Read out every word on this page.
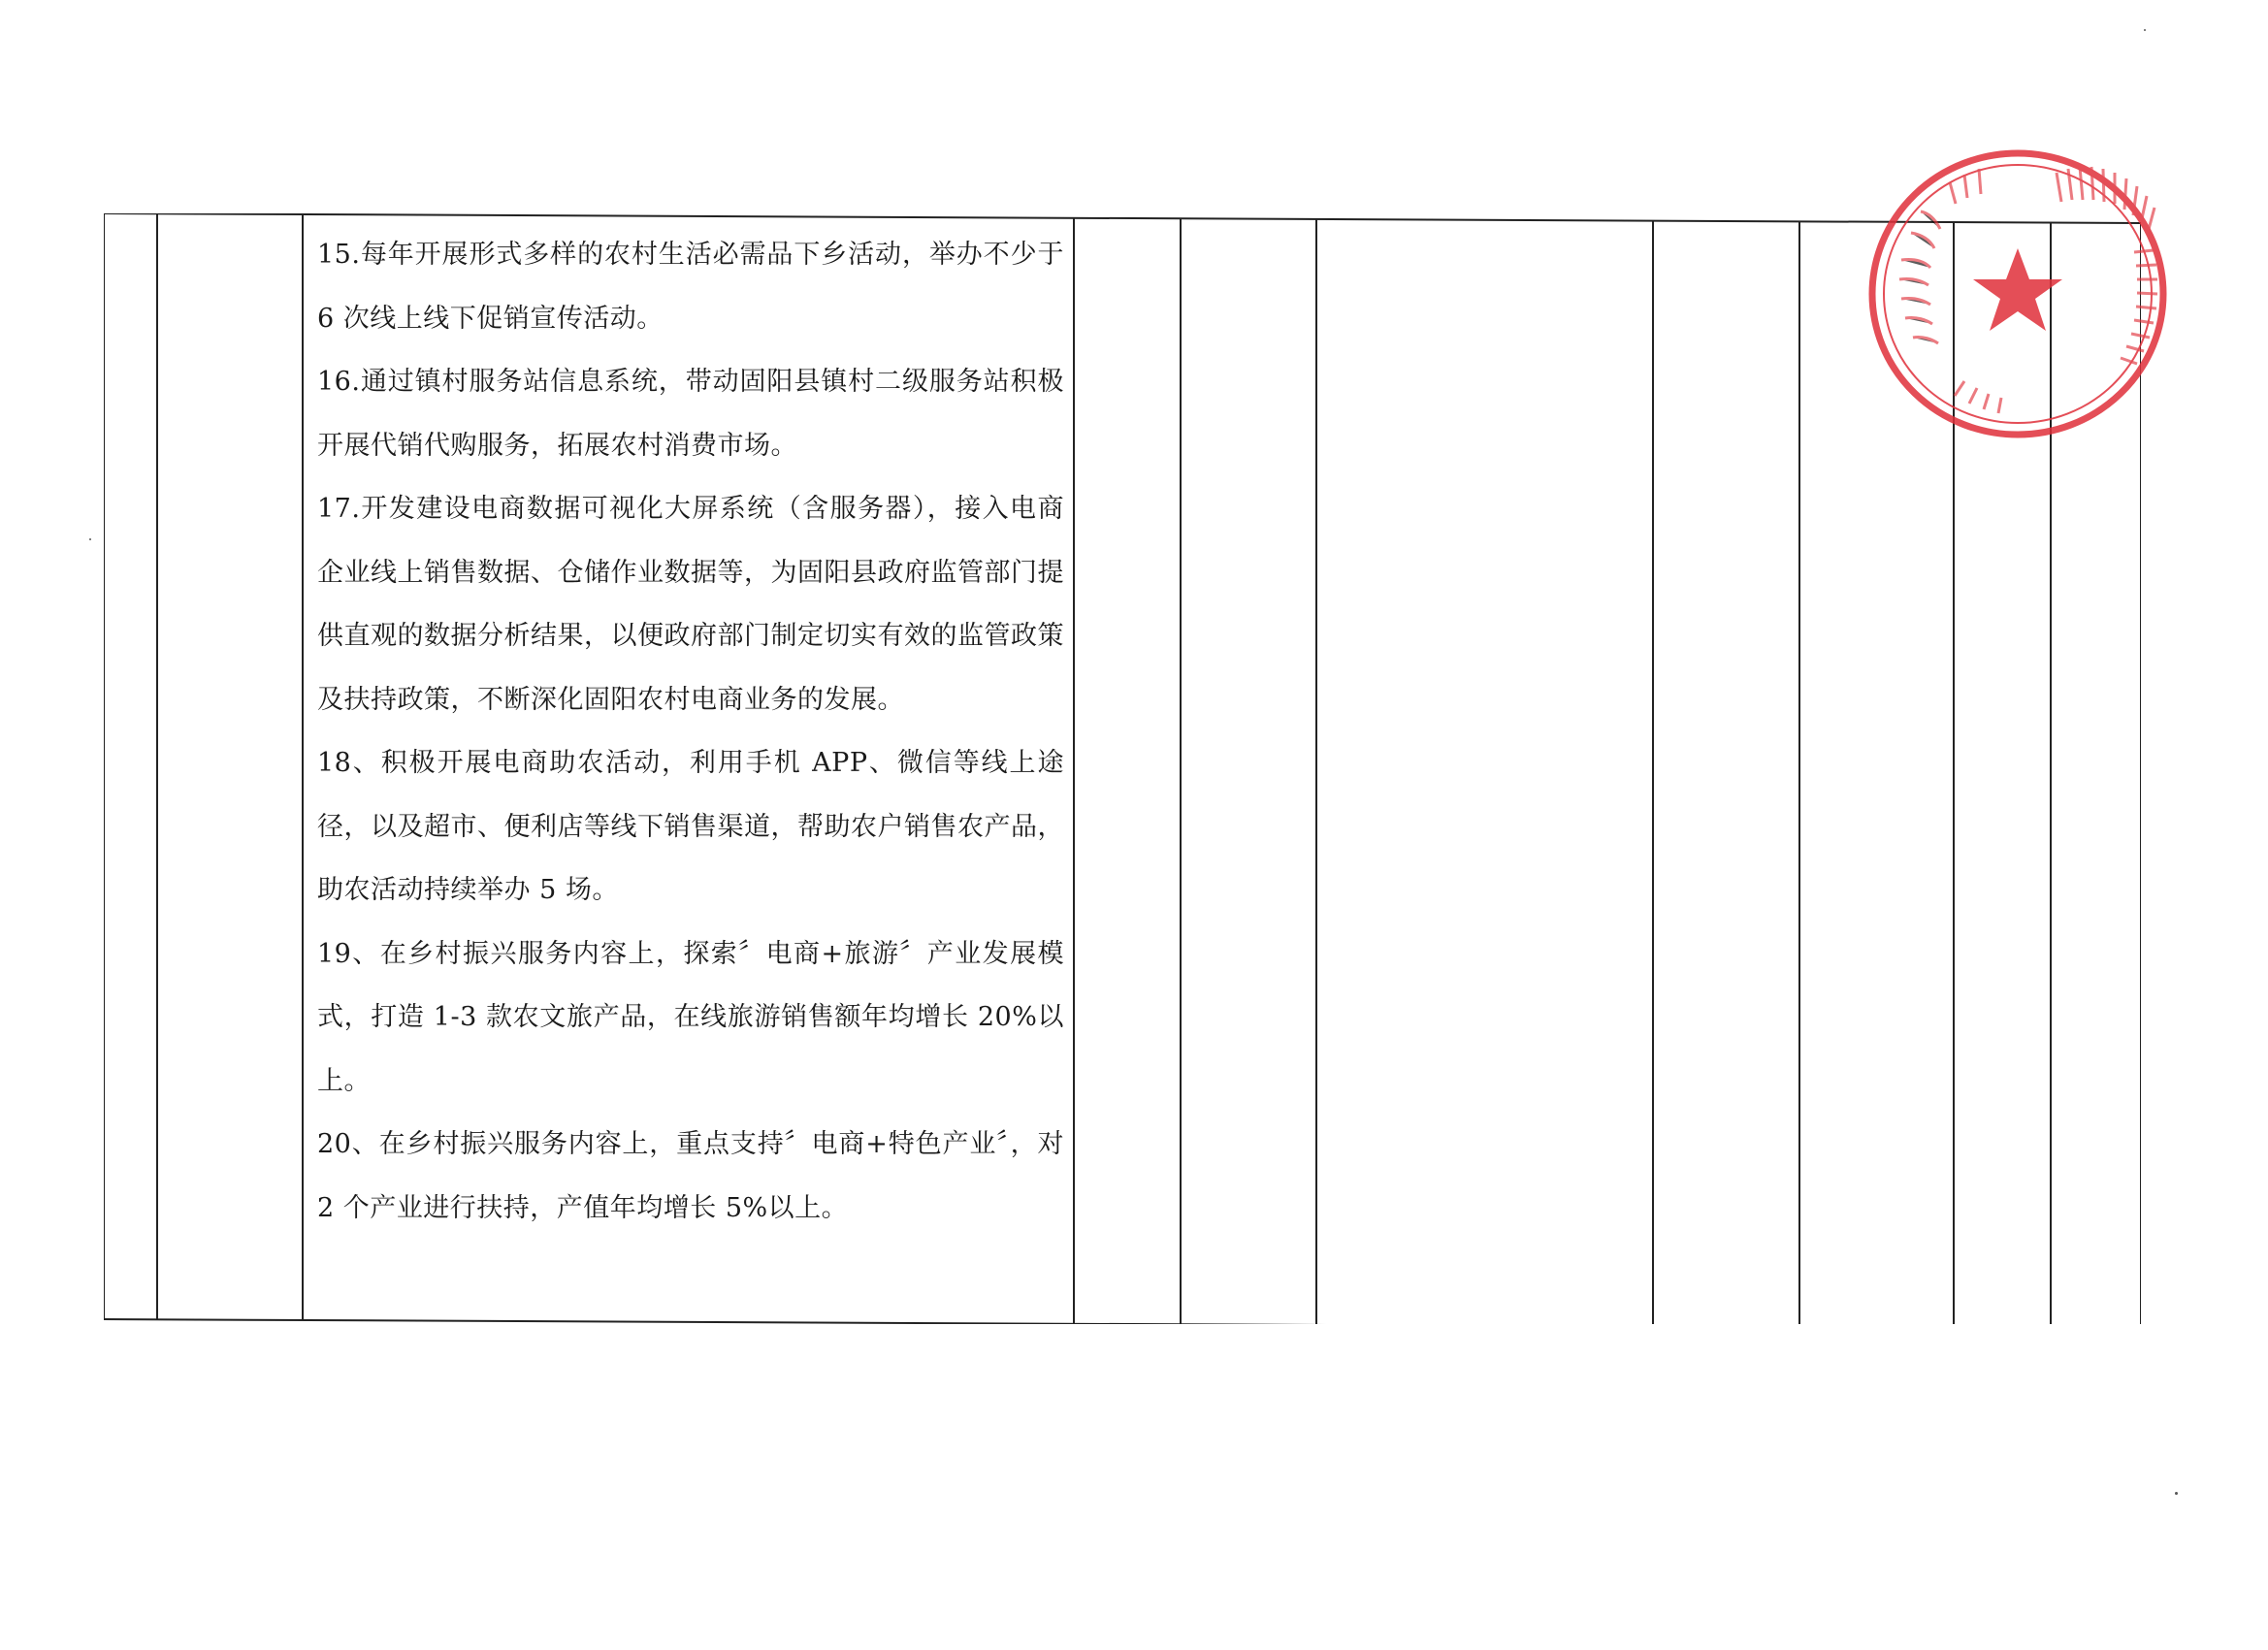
15.每年开展形式多样的农村生活必需品下乡活动，举办不少于 6 次线上线下促销宣传活动。

16.通过镇村服务站信息系统，带动固阳县镇村二级服务站积极开展代销代购服务，拓展农村消费市场。

17.开发建设电商数据可视化大屏系统（含服务器），接入电商企业线上销售数据、仓储作业数据等，为固阳县政府监管部门提供直观的数据分析结果，以便政府部门制定切实有效的监管政策及扶持政策，不断深化固阳农村电商业务的发展。

18、积极开展电商助农活动，利用手机 APP、微信等线上途径，以及超市、便利店等线下销售渠道，帮助农户销售农产品，助农活动持续举办 5 场。

19、在乡村振兴服务内容上，探索〞电商+旅游〞产业发展模式，打造 1-3 款农文旅产品，在线旅游销售额年均增长 20%以上。

20、在乡村振兴服务内容上，重点支持〞电商+特色产业〞，对 2 个产业进行扶持，产值年均增长 5%以上。
